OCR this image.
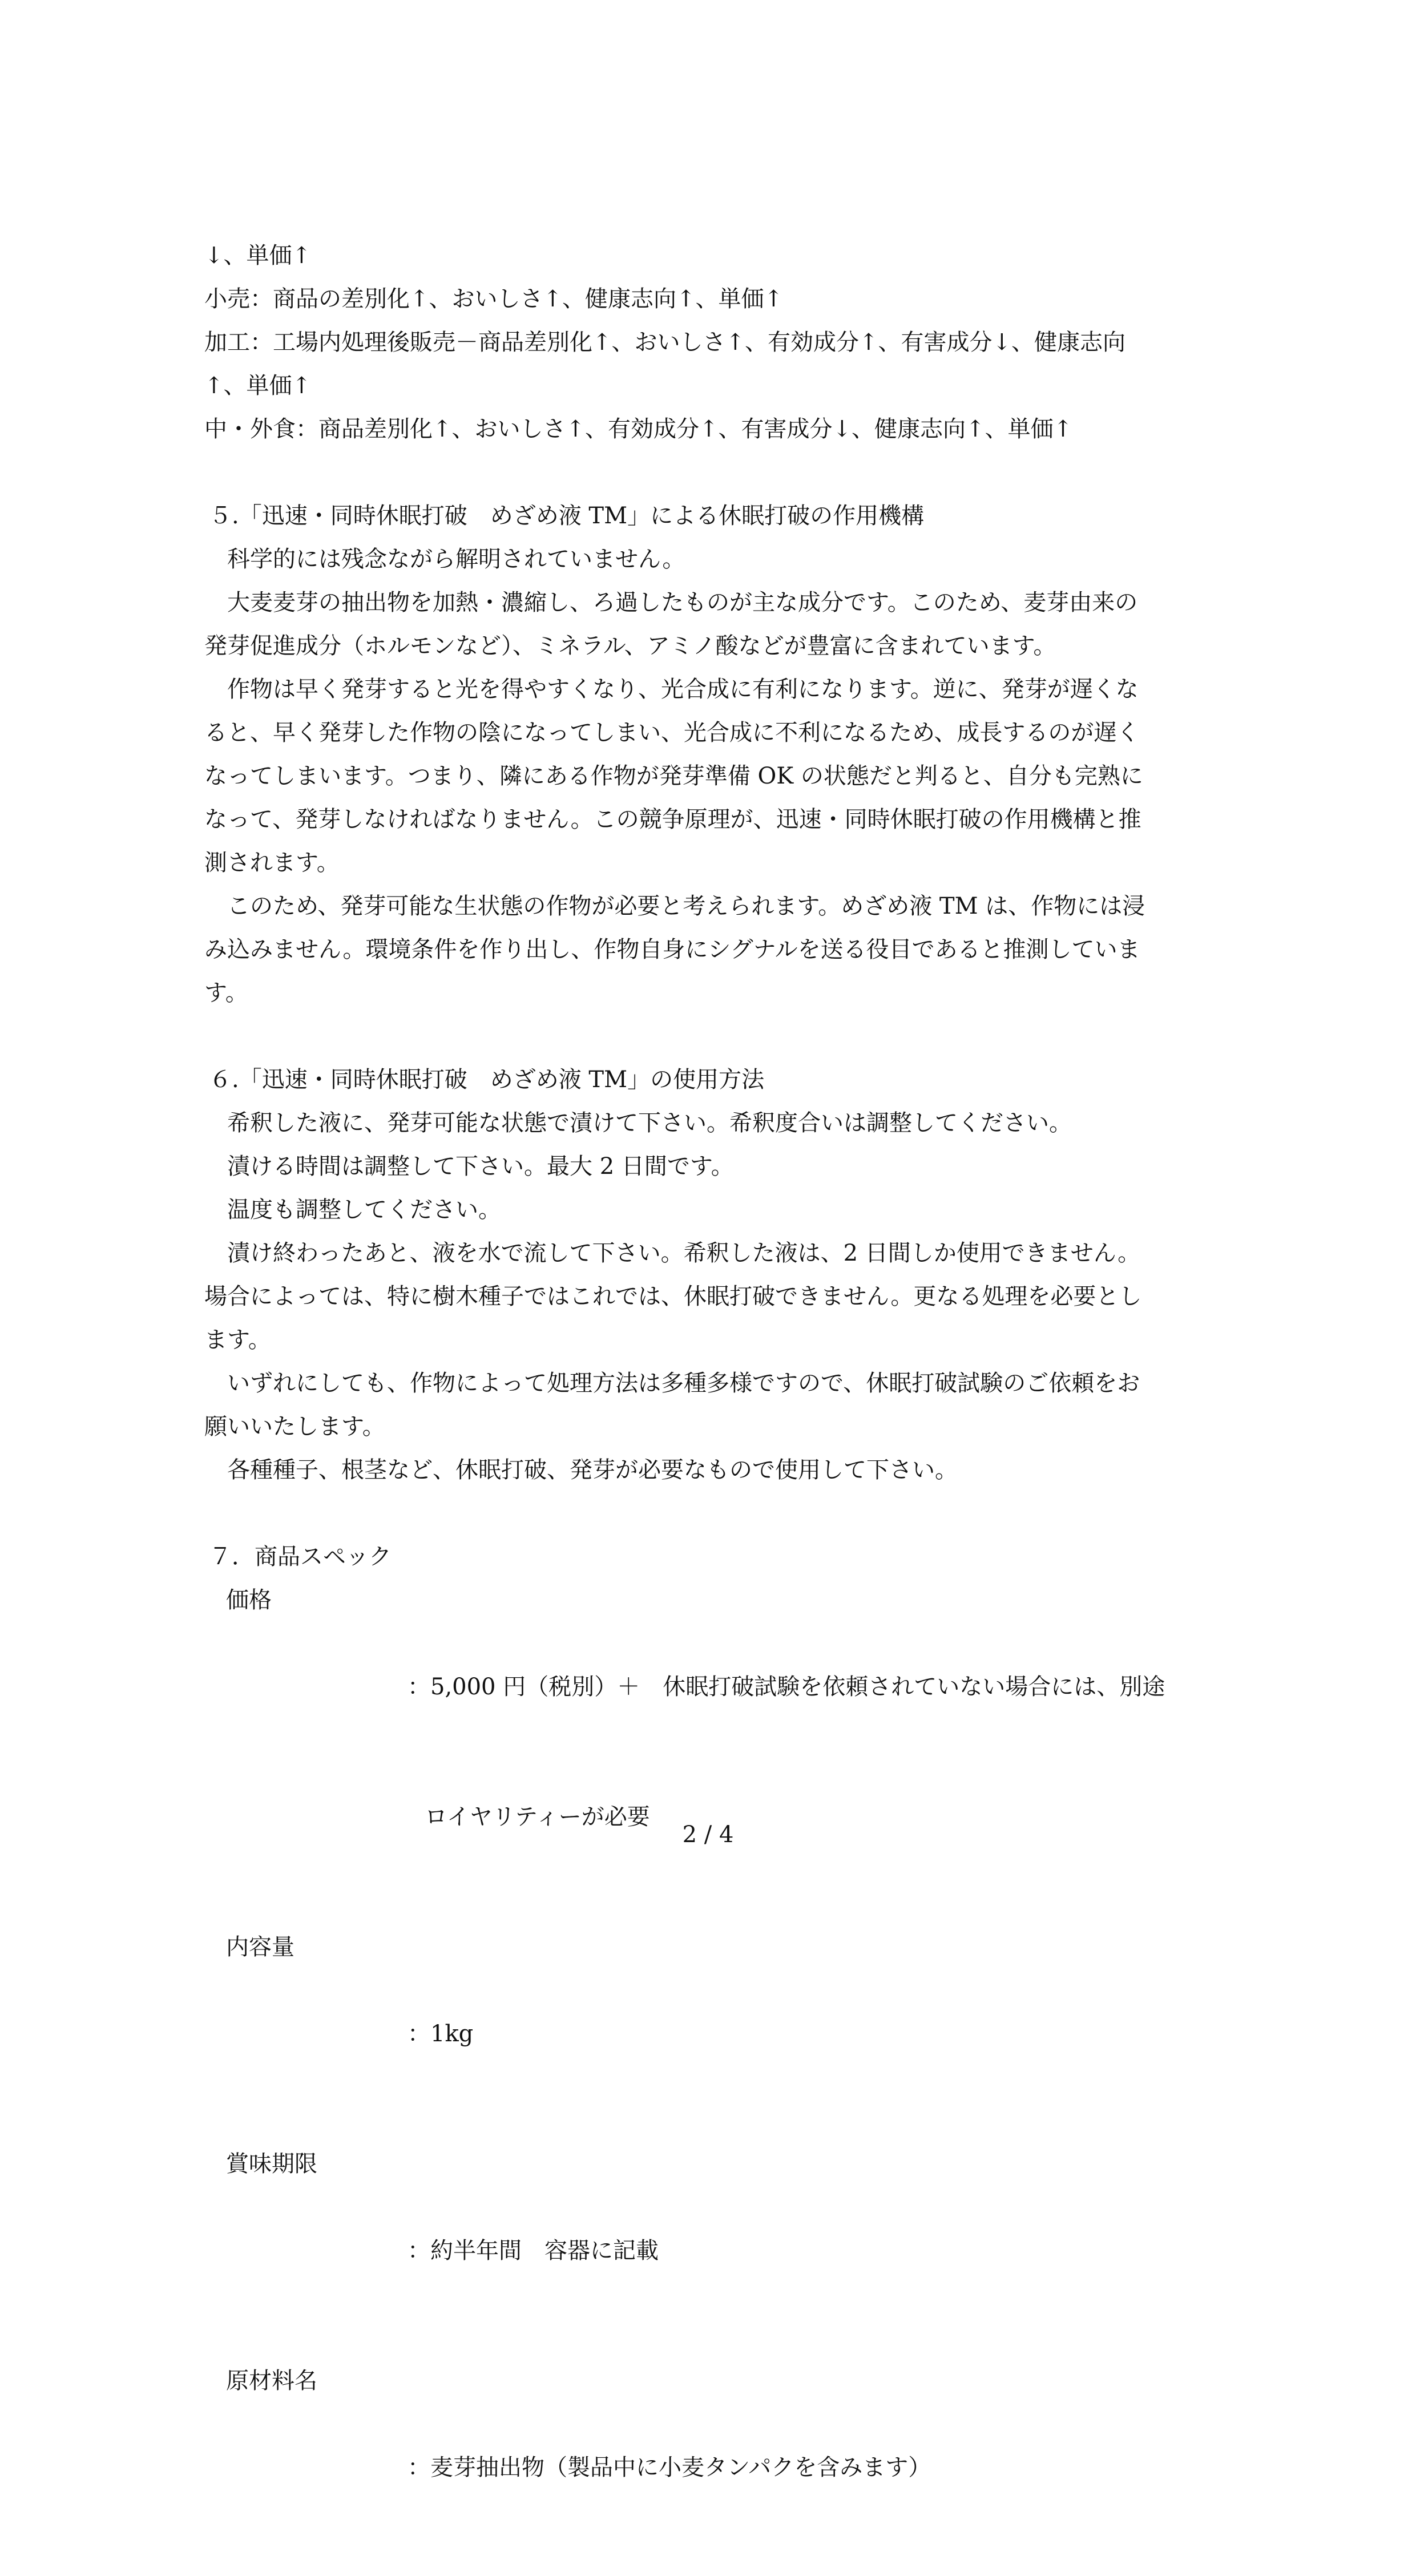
↓、単価↑

小売：商品の差別化↑、おいしさ↑、健康志向↑、単価↑

加工：工場内処理後販売－商品差別化↑、おいしさ↑、有効成分↑、有害成分↓、健康志向

↑、単価↑

中・外食：商品差別化↑、おいしさ↑、有効成分↑、有害成分↓、健康志向↑、単価↑

５.「迅速・同時休眠打破　めざめ液 TM」による休眠打破の作用機構

科学的には残念ながら解明されていません。

大麦麦芽の抽出物を加熱・濃縮し、ろ過したものが主な成分です。このため、麦芽由来の

発芽促進成分（ホルモンなど）、ミネラル、アミノ酸などが豊富に含まれています。

作物は早く発芽すると光を得やすくなり、光合成に有利になります。逆に、発芽が遅くな

ると、早く発芽した作物の陰になってしまい、光合成に不利になるため、成長するのが遅く

なってしまいます。つまり、隣にある作物が発芽準備 OK の状態だと判ると、自分も完熟に

なって、発芽しなければなりません。この競争原理が、迅速・同時休眠打破の作用機構と推

測されます。

このため、発芽可能な生状態の作物が必要と考えられます。めざめ液 TM は、作物には浸

み込みません。環境条件を作り出し、作物自身にシグナルを送る役目であると推測していま

す。

６.「迅速・同時休眠打破　めざめ液 TM」の使用方法

希釈した液に、発芽可能な状態で漬けて下さい。希釈度合いは調整してください。

漬ける時間は調整して下さい。最大 2 日間です。

温度も調整してください。

漬け終わったあと、液を水で流して下さい。希釈した液は、2 日間しか使用できません。

場合によっては、特に樹木種子ではこれでは、休眠打破できません。更なる処理を必要とし

ます。

いずれにしても、作物によって処理方法は多種多様ですので、休眠打破試験のご依頼をお

願いいたします。

各種種子、根茎など、休眠打破、発芽が必要なもので使用して下さい。

７．商品スペック

価格

：5,000 円（税別）＋　休眠打破試験を依頼されていない場合には、別途

ロイヤリティーが必要

内容量

：1kg

賞味期限

：約半年間　容器に記載

原材料名

：麦芽抽出物（製品中に小麦タンパクを含みます）

2 / 4
